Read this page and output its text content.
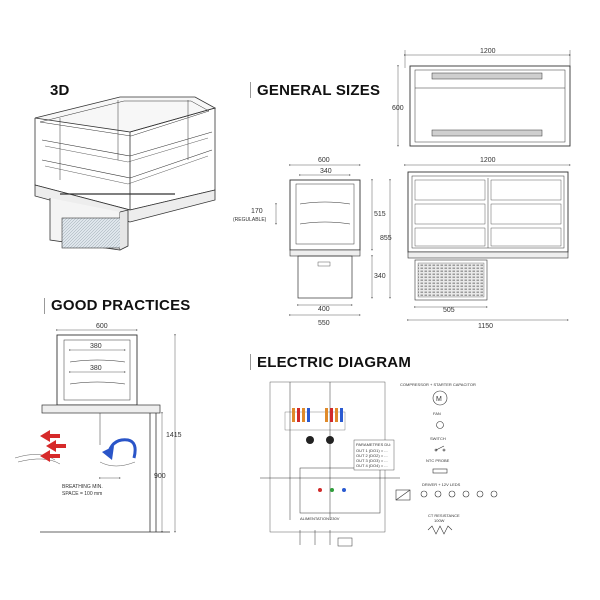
3D	GENERAL SIZES
GOOD PRACTICES
ELECTRIC DIAGRAM
1200
600
600
340
170
(REGULABLE)
515
855
340
400
550
1200
505
1150
600
380
380
1415
900
BREATHING MIN.
SPACE = 100 mm
PARAMETRES DU:
OUT 1 (DO1) = ...
OUT 2 (DO2) = ...
OUT 3 (DO3) = ...
OUT 4 (DO4) = ...
ALIMENTATION 230V
M
COMPRESSOR + STARTER CAPACITOR
FAN
SWITCH
NTC PROBE
DRIVER + 12V LEDS
CT RESISTANCE
100W
